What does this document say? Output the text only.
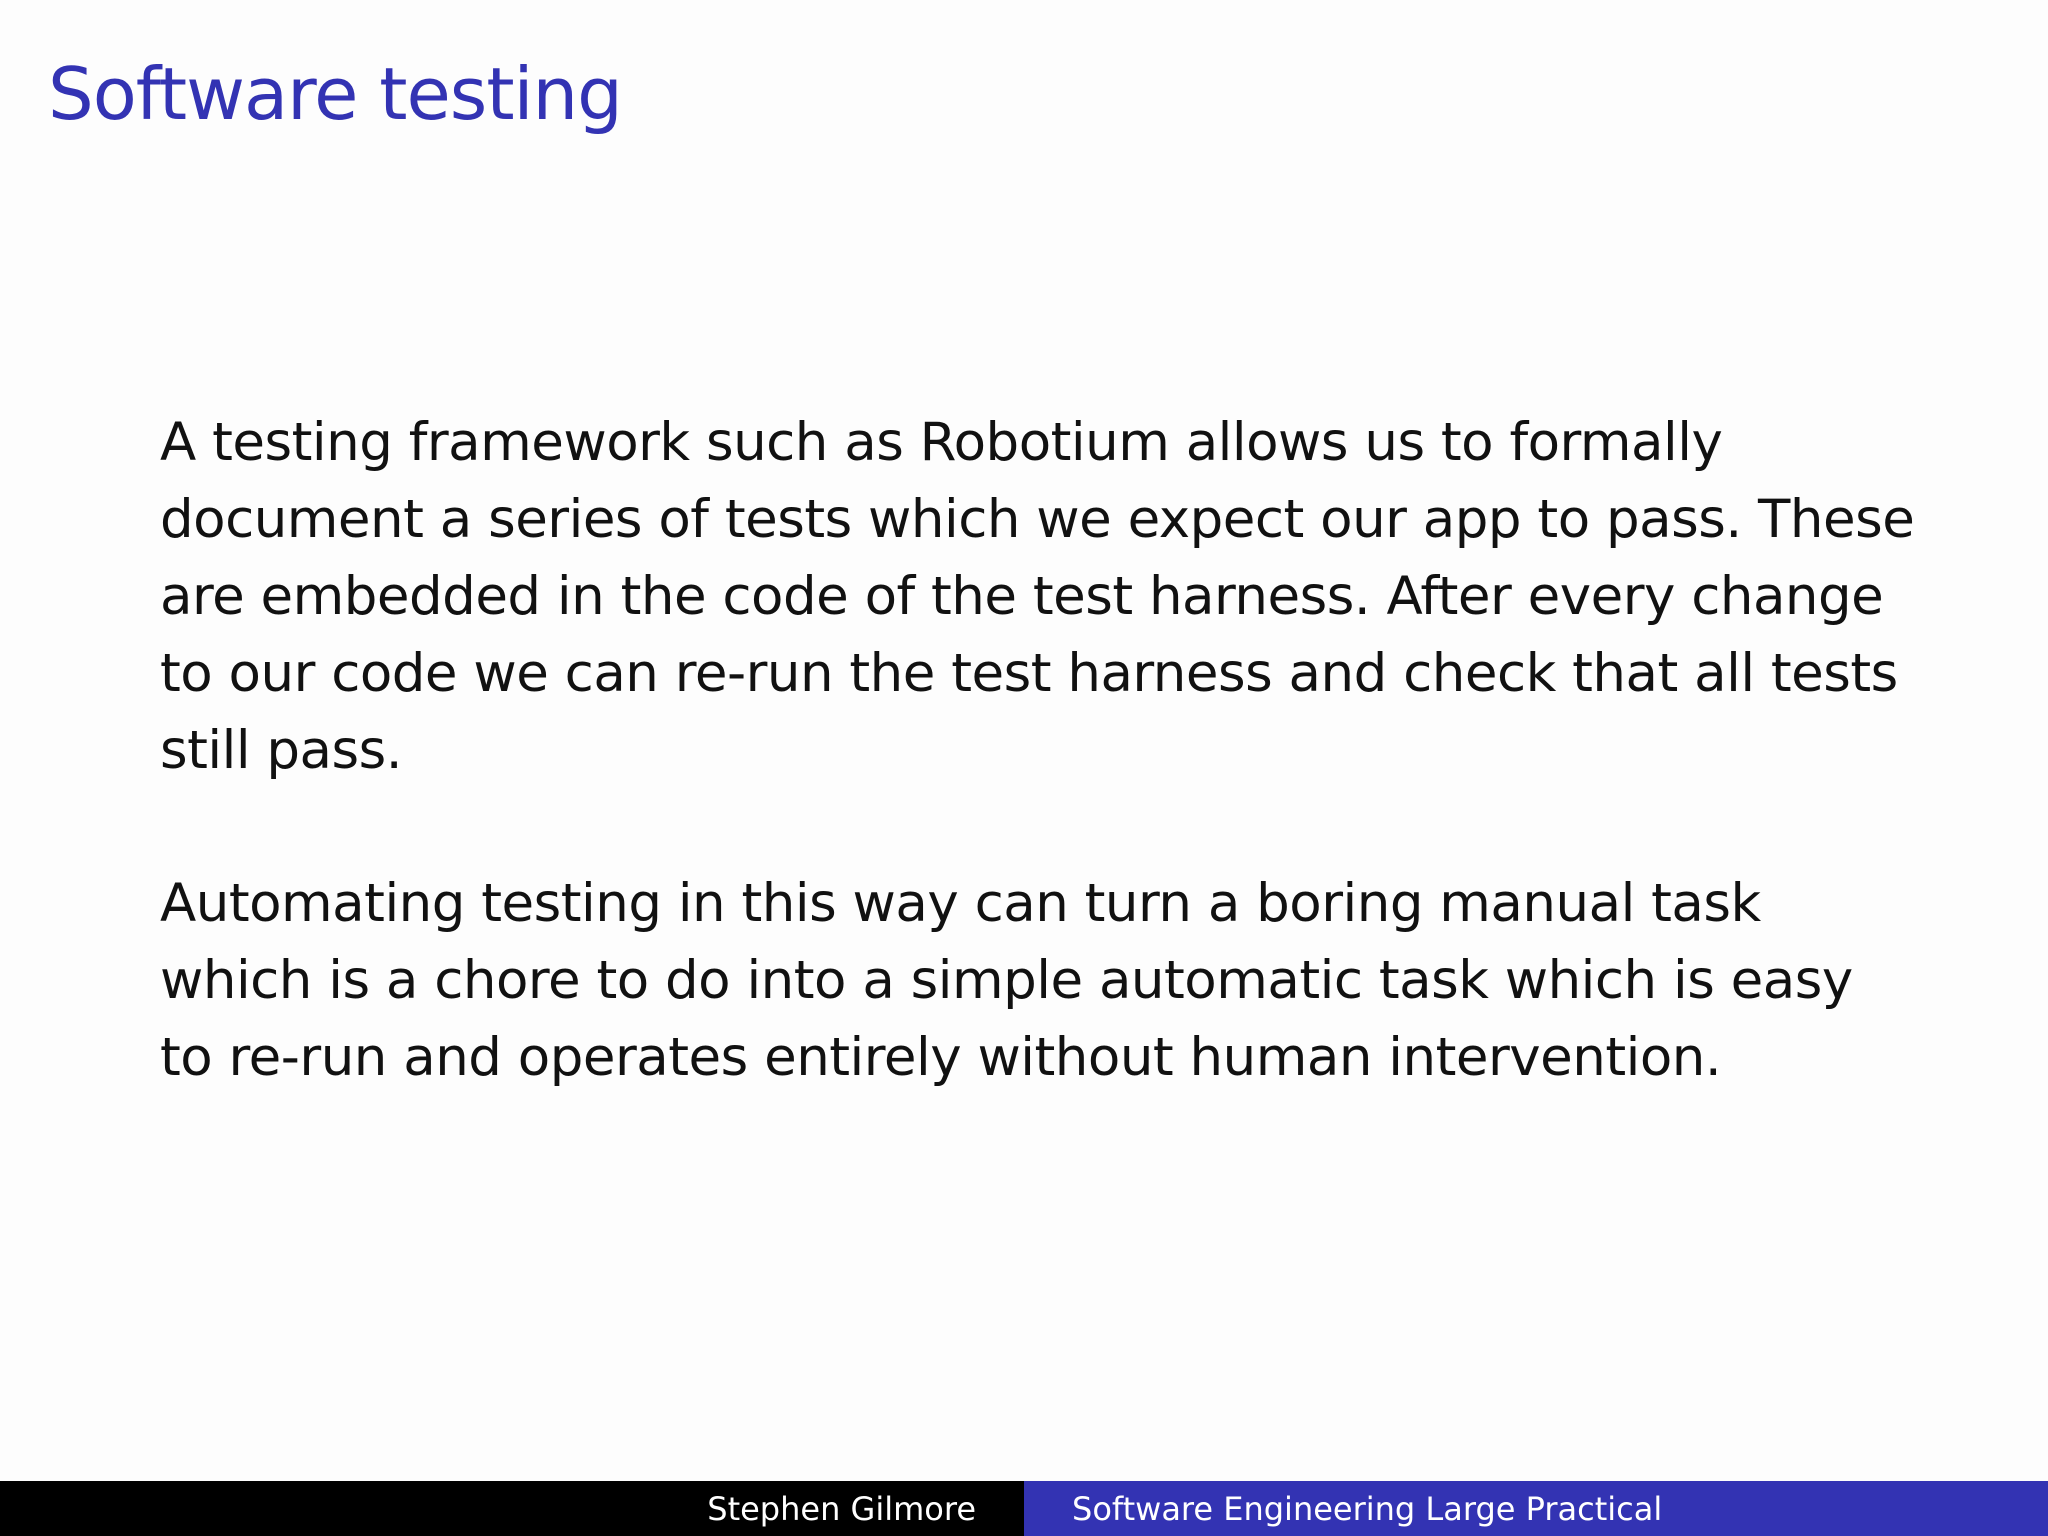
Software testing

A testing framework such as Robotium allows us to formally
document a series of tests which we expect our app to pass. These
are embedded in the code of the test harness. After every change
to our code we can re-run the test harness and check that all tests
still pass.

Automating testing in this way can turn a boring manual task
which is a chore to do into a simple automatic task which is easy
to re-run and operates entirely without human intervention.

Stephen Gilmore	Software Engineering Large Practical
